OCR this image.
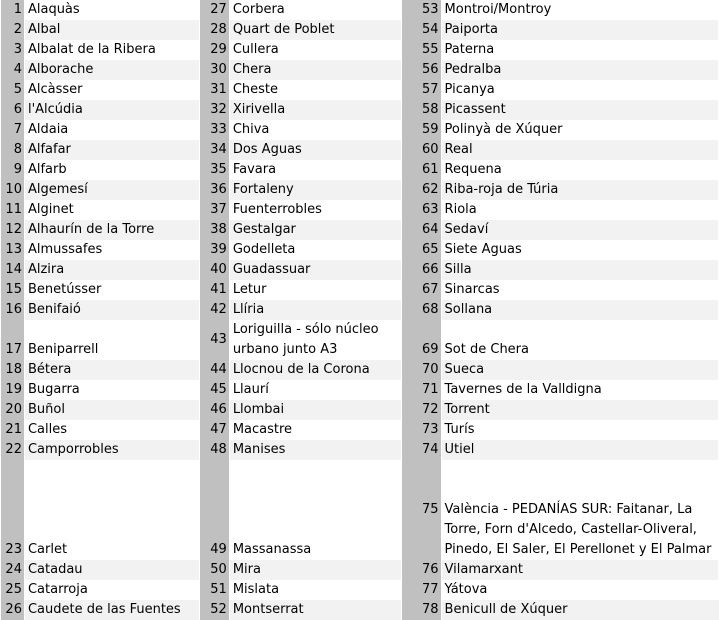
1	Alaquàs	27	Corbera	53	Montroi/Montroy
2	Albal	28	Quart de Poblet	54	Paiporta
3	Albalat de la Ribera	29	Cullera	55	Paterna
4	Alborache	30	Chera	56	Pedralba
5	Alcàsser	31	Cheste	57	Picanya
6	l'Alcúdia	32	Xirivella	58	Picassent
7	Aldaia	33	Chiva	59	Polinyà de Xúquer
8	Alfafar	34	Dos Aguas	60	Real
9	Alfarb	35	Favara	61	Requena
10	Algemesí	36	Fortaleny	62	Riba-roja de Túria
11	Alginet	37	Fuenterrobles	63	Riola
12	Alhaurín de la Torre	38	Gestalgar	64	Sedaví
13	Almussafes	39	Godelleta	65	Siete Aguas
14	Alzira	40	Guadassuar	66	Silla
15	Benetússer	41	Letur	67	Sinarcas
16	Benifaió	42	Llíria	68	Sollana
17	Beniparrell	43	Loriguilla - sólo núcleo urbano junto A3	69	Sot de Chera
18	Bétera	44	Llocnou de la Corona	70	Sueca
19	Bugarra	45	Llaurí	71	Tavernes de la Valldigna
20	Buñol	46	Llombai	72	Torrent
21	Calles	47	Macastre	73	Turís
22	Camporrobles	48	Manises	74	Utiel
23	Carlet	49	Massanassa	75	València - PEDANÍAS SUR: Faitanar, La Torre, Forn d'Alcedo, Castellar-Oliveral, Pinedo, El Saler, El Perellonet y El Palmar
24	Catadau	50	Mira	76	Vilamarxant
25	Catarroja	51	Mislata	77	Yátova
26	Caudete de las Fuentes	52	Montserrat	78	Benicull de Xúquer
